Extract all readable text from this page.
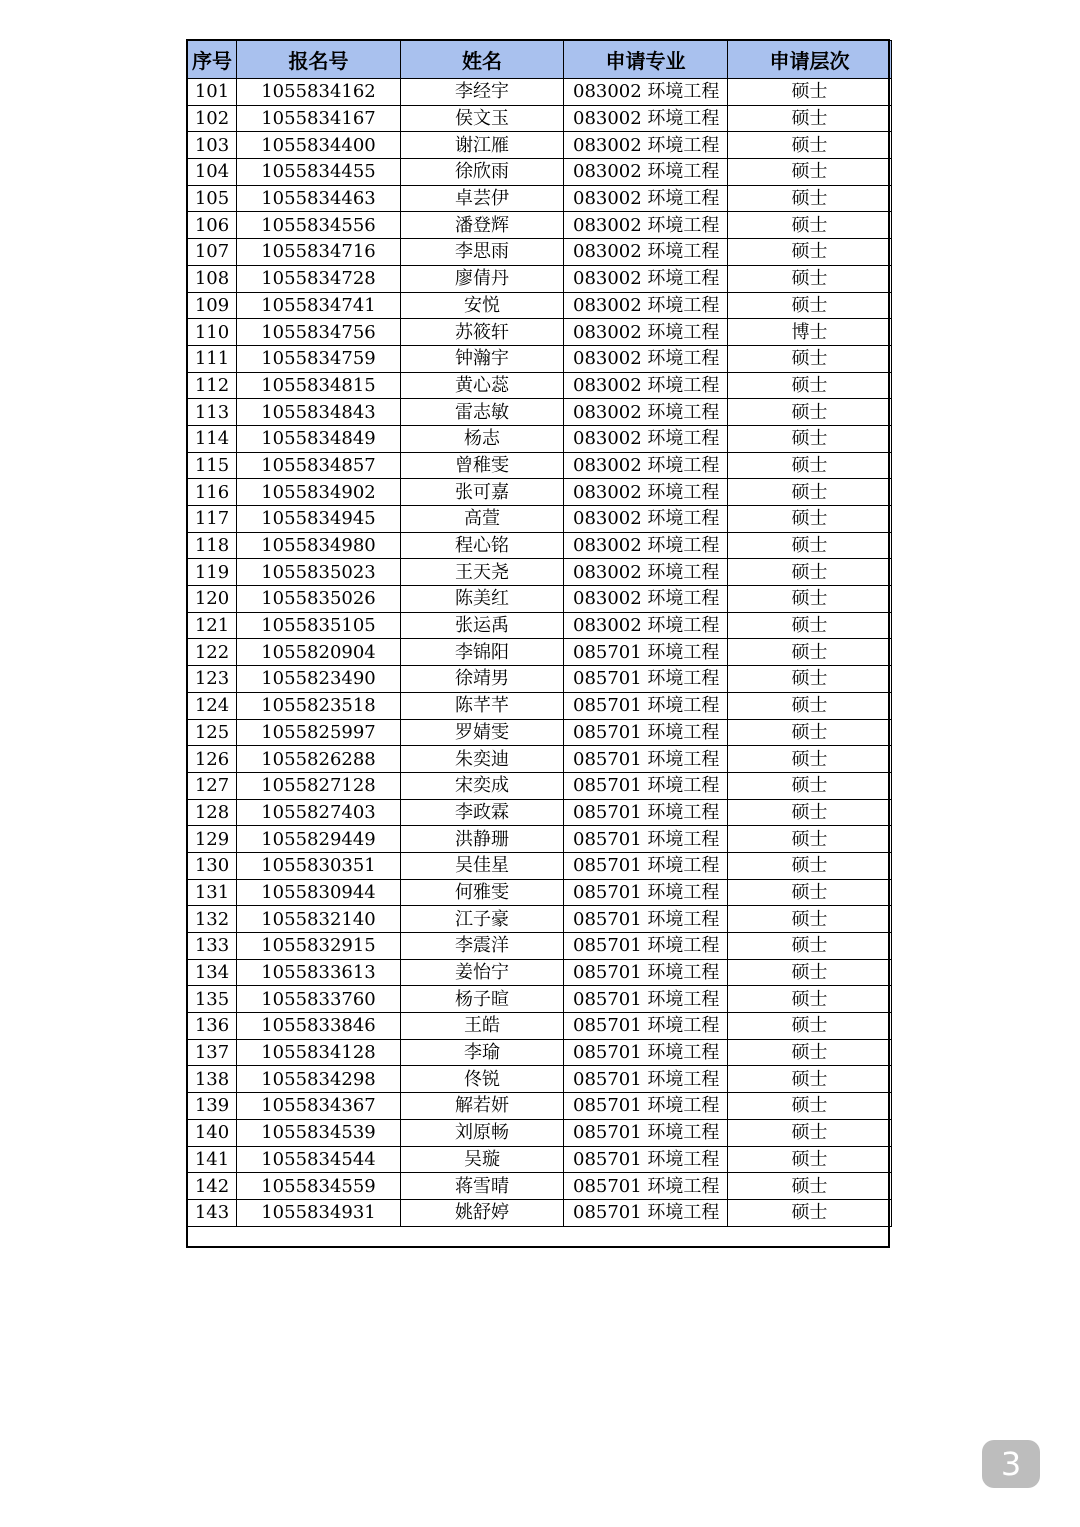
序号	报名号	姓名	申请专业	申请层次
101	1055834162	李经宇	083002 环境工程	硕士
102	1055834167	侯文玉	083002 环境工程	硕士
103	1055834400	谢江雁	083002 环境工程	硕士
104	1055834455	徐欣雨	083002 环境工程	硕士
105	1055834463	卓芸伊	083002 环境工程	硕士
106	1055834556	潘登辉	083002 环境工程	硕士
107	1055834716	李思雨	083002 环境工程	硕士
108	1055834728	廖倩丹	083002 环境工程	硕士
109	1055834741	安悦	083002 环境工程	硕士
110	1055834756	苏筱轩	083002 环境工程	博士
111	1055834759	钟瀚宇	083002 环境工程	硕士
112	1055834815	黄心蕊	083002 环境工程	硕士
113	1055834843	雷志敏	083002 环境工程	硕士
114	1055834849	杨志	083002 环境工程	硕士
115	1055834857	曾稚雯	083002 环境工程	硕士
116	1055834902	张可嘉	083002 环境工程	硕士
117	1055834945	高萱	083002 环境工程	硕士
118	1055834980	程心铭	083002 环境工程	硕士
119	1055835023	王天尧	083002 环境工程	硕士
120	1055835026	陈美红	083002 环境工程	硕士
121	1055835105	张运禹	083002 环境工程	硕士
122	1055820904	李锦阳	085701 环境工程	硕士
123	1055823490	徐靖男	085701 环境工程	硕士
124	1055823518	陈芊芊	085701 环境工程	硕士
125	1055825997	罗婧雯	085701 环境工程	硕士
126	1055826288	朱奕迪	085701 环境工程	硕士
127	1055827128	宋奕成	085701 环境工程	硕士
128	1055827403	李政霖	085701 环境工程	硕士
129	1055829449	洪静珊	085701 环境工程	硕士
130	1055830351	吴佳星	085701 环境工程	硕士
131	1055830944	何雅雯	085701 环境工程	硕士
132	1055832140	江子豪	085701 环境工程	硕士
133	1055832915	李震洋	085701 环境工程	硕士
134	1055833613	姜怡宁	085701 环境工程	硕士
135	1055833760	杨子暄	085701 环境工程	硕士
136	1055833846	王皓	085701 环境工程	硕士
137	1055834128	李瑜	085701 环境工程	硕士
138	1055834298	佟锐	085701 环境工程	硕士
139	1055834367	解若妍	085701 环境工程	硕士
140	1055834539	刘原畅	085701 环境工程	硕士
141	1055834544	吴璇	085701 环境工程	硕士
142	1055834559	蒋雪晴	085701 环境工程	硕士
143	1055834931	姚舒婷	085701 环境工程	硕士
3
